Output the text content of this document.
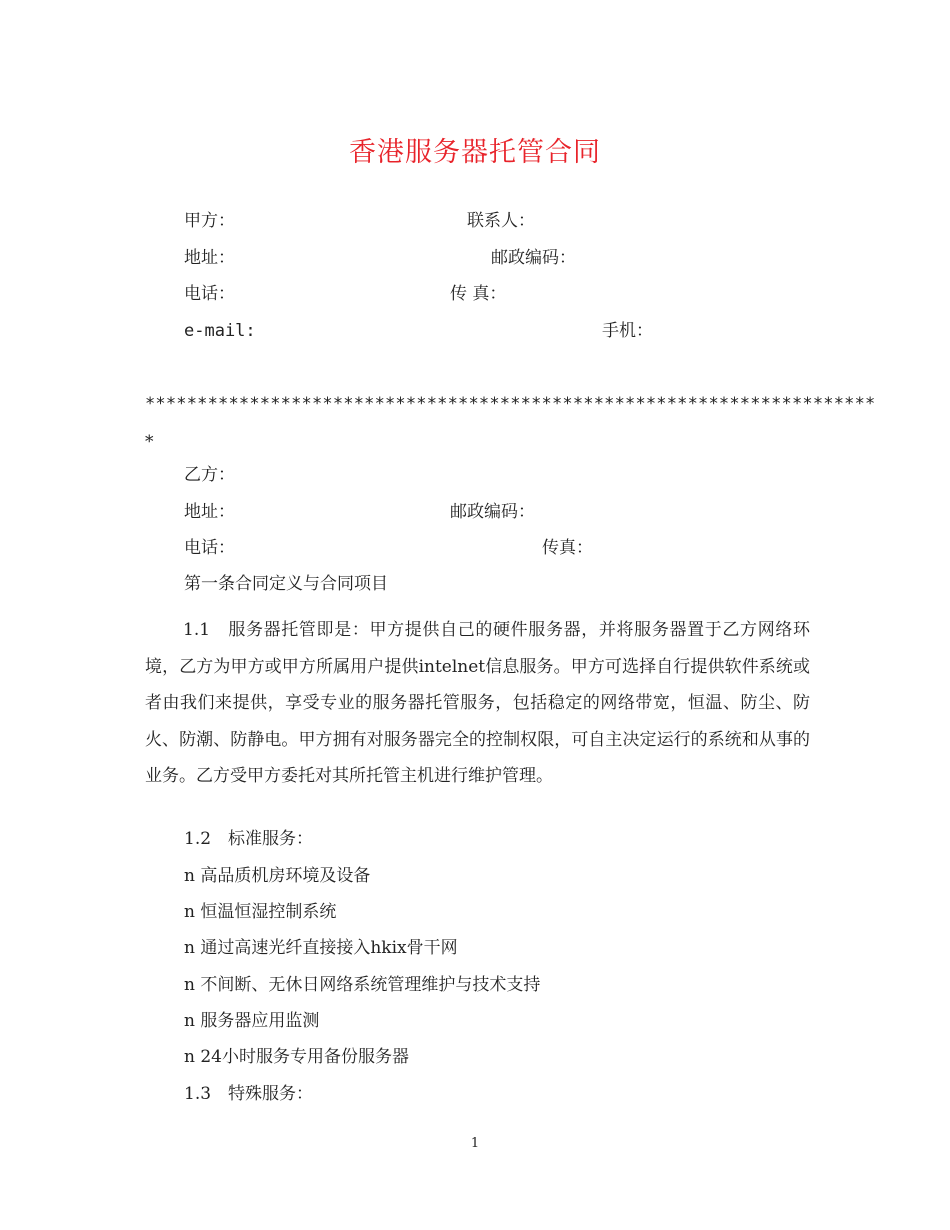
香港服务器托管合同
甲方：	联系人：
地址：	邮政编码：
电话：	传 真：
e-mail:	手机：
**********************************************************************
*
乙方：
地址：	邮政编码：
电话：	传真：
第一条合同定义与合同项目
1.1　服务器托管即是：甲方提供自己的硬件服务器，并将服务器置于乙方网络环境，乙方为甲方或甲方所属用户提供intelnet信息服务。甲方可选择自行提供软件系统或者由我们来提供，享受专业的服务器托管服务，包括稳定的网络带宽，恒温、防尘、防火、防潮、防静电。甲方拥有对服务器完全的控制权限，可自主决定运行的系统和从事的业务。乙方受甲方委托对其所托管主机进行维护管理。
1.2　标准服务：
n 高品质机房环境及设备
n 恒温恒湿控制系统
n 通过高速光纤直接接入hkix骨干网
n 不间断、无休日网络系统管理维护与技术支持
n 服务器应用监测
n 24小时服务专用备份服务器
1.3　特殊服务：
1
